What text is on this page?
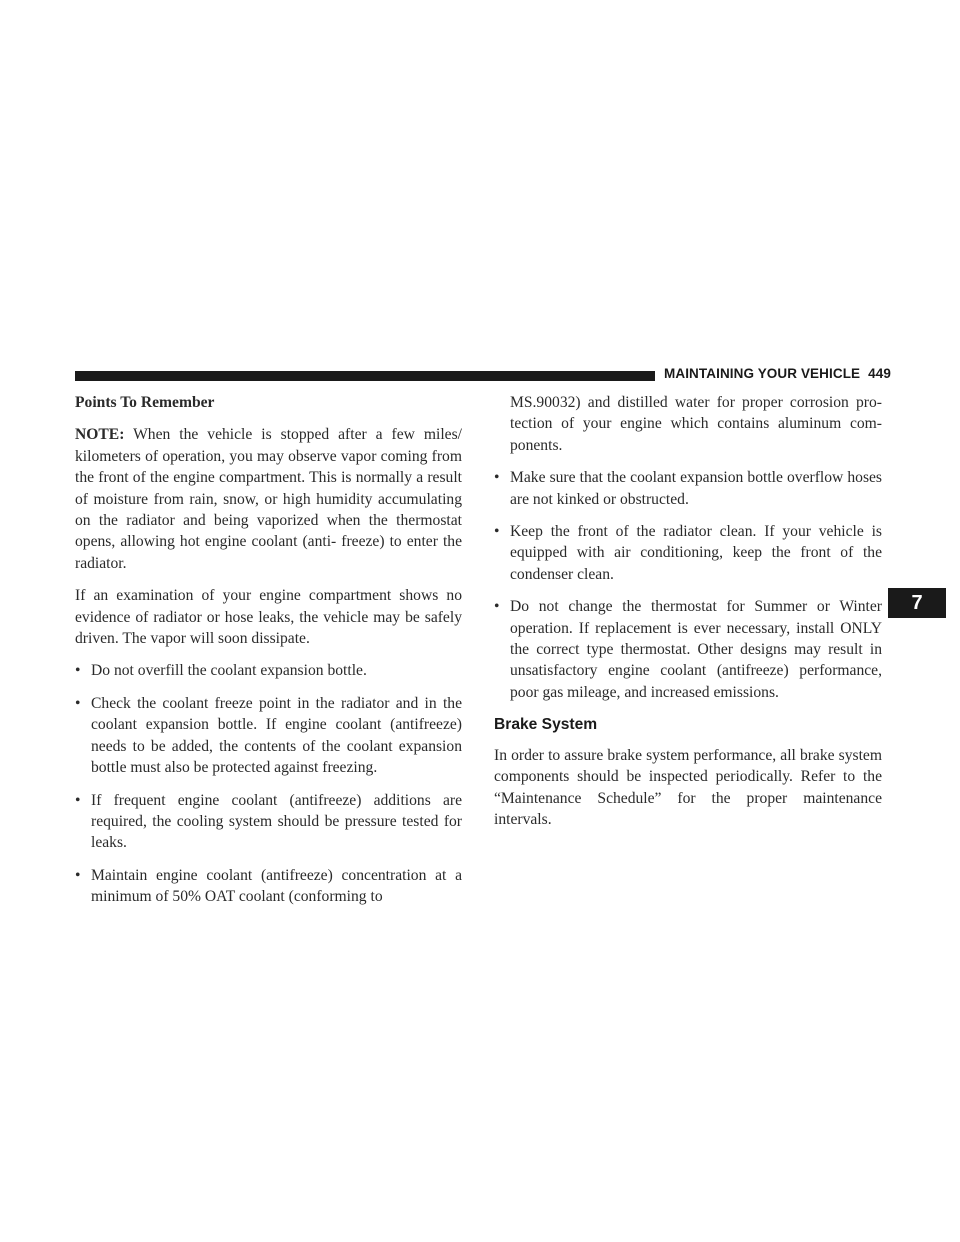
MAINTAINING YOUR VEHICLE 449
7

Points To Remember

NOTE: When the vehicle is stopped after a few miles/ kilometers of operation, you may observe vapor coming from the front of the engine compartment. This is normally a result of moisture from rain, snow, or high humidity accumulating on the radiator and being vaporized when the thermostat opens, allowing hot engine coolant (anti- freeze) to enter the radiator.

If an examination of your engine compartment shows no evidence of radiator or hose leaks, the vehicle may be safely driven. The vapor will soon dissipate.

• Do not overfill the coolant expansion bottle.
• Check the coolant freeze point in the radiator and in the coolant expansion bottle. If engine coolant (antifreeze) needs to be added, the contents of the coolant expansion bottle must also be protected against freezing.
• If frequent engine coolant (antifreeze) additions are required, the cooling system should be pressure tested for leaks.
• Maintain engine coolant (antifreeze) concentration at a minimum of 50% OAT coolant (conforming to

MS.90032) and distilled water for proper corrosion pro- tection of your engine which contains aluminum com- ponents.

• Make sure that the coolant expansion bottle overflow hoses are not kinked or obstructed.
• Keep the front of the radiator clean. If your vehicle is equipped with air conditioning, keep the front of the condenser clean.
• Do not change the thermostat for Summer or Winter operation. If replacement is ever necessary, install ONLY the correct type thermostat. Other designs may result in unsatisfactory engine coolant (antifreeze) performance, poor gas mileage, and increased emissions.

Brake System

In order to assure brake system performance, all brake system components should be inspected periodically. Refer to the “Maintenance Schedule” for the proper maintenance intervals.
